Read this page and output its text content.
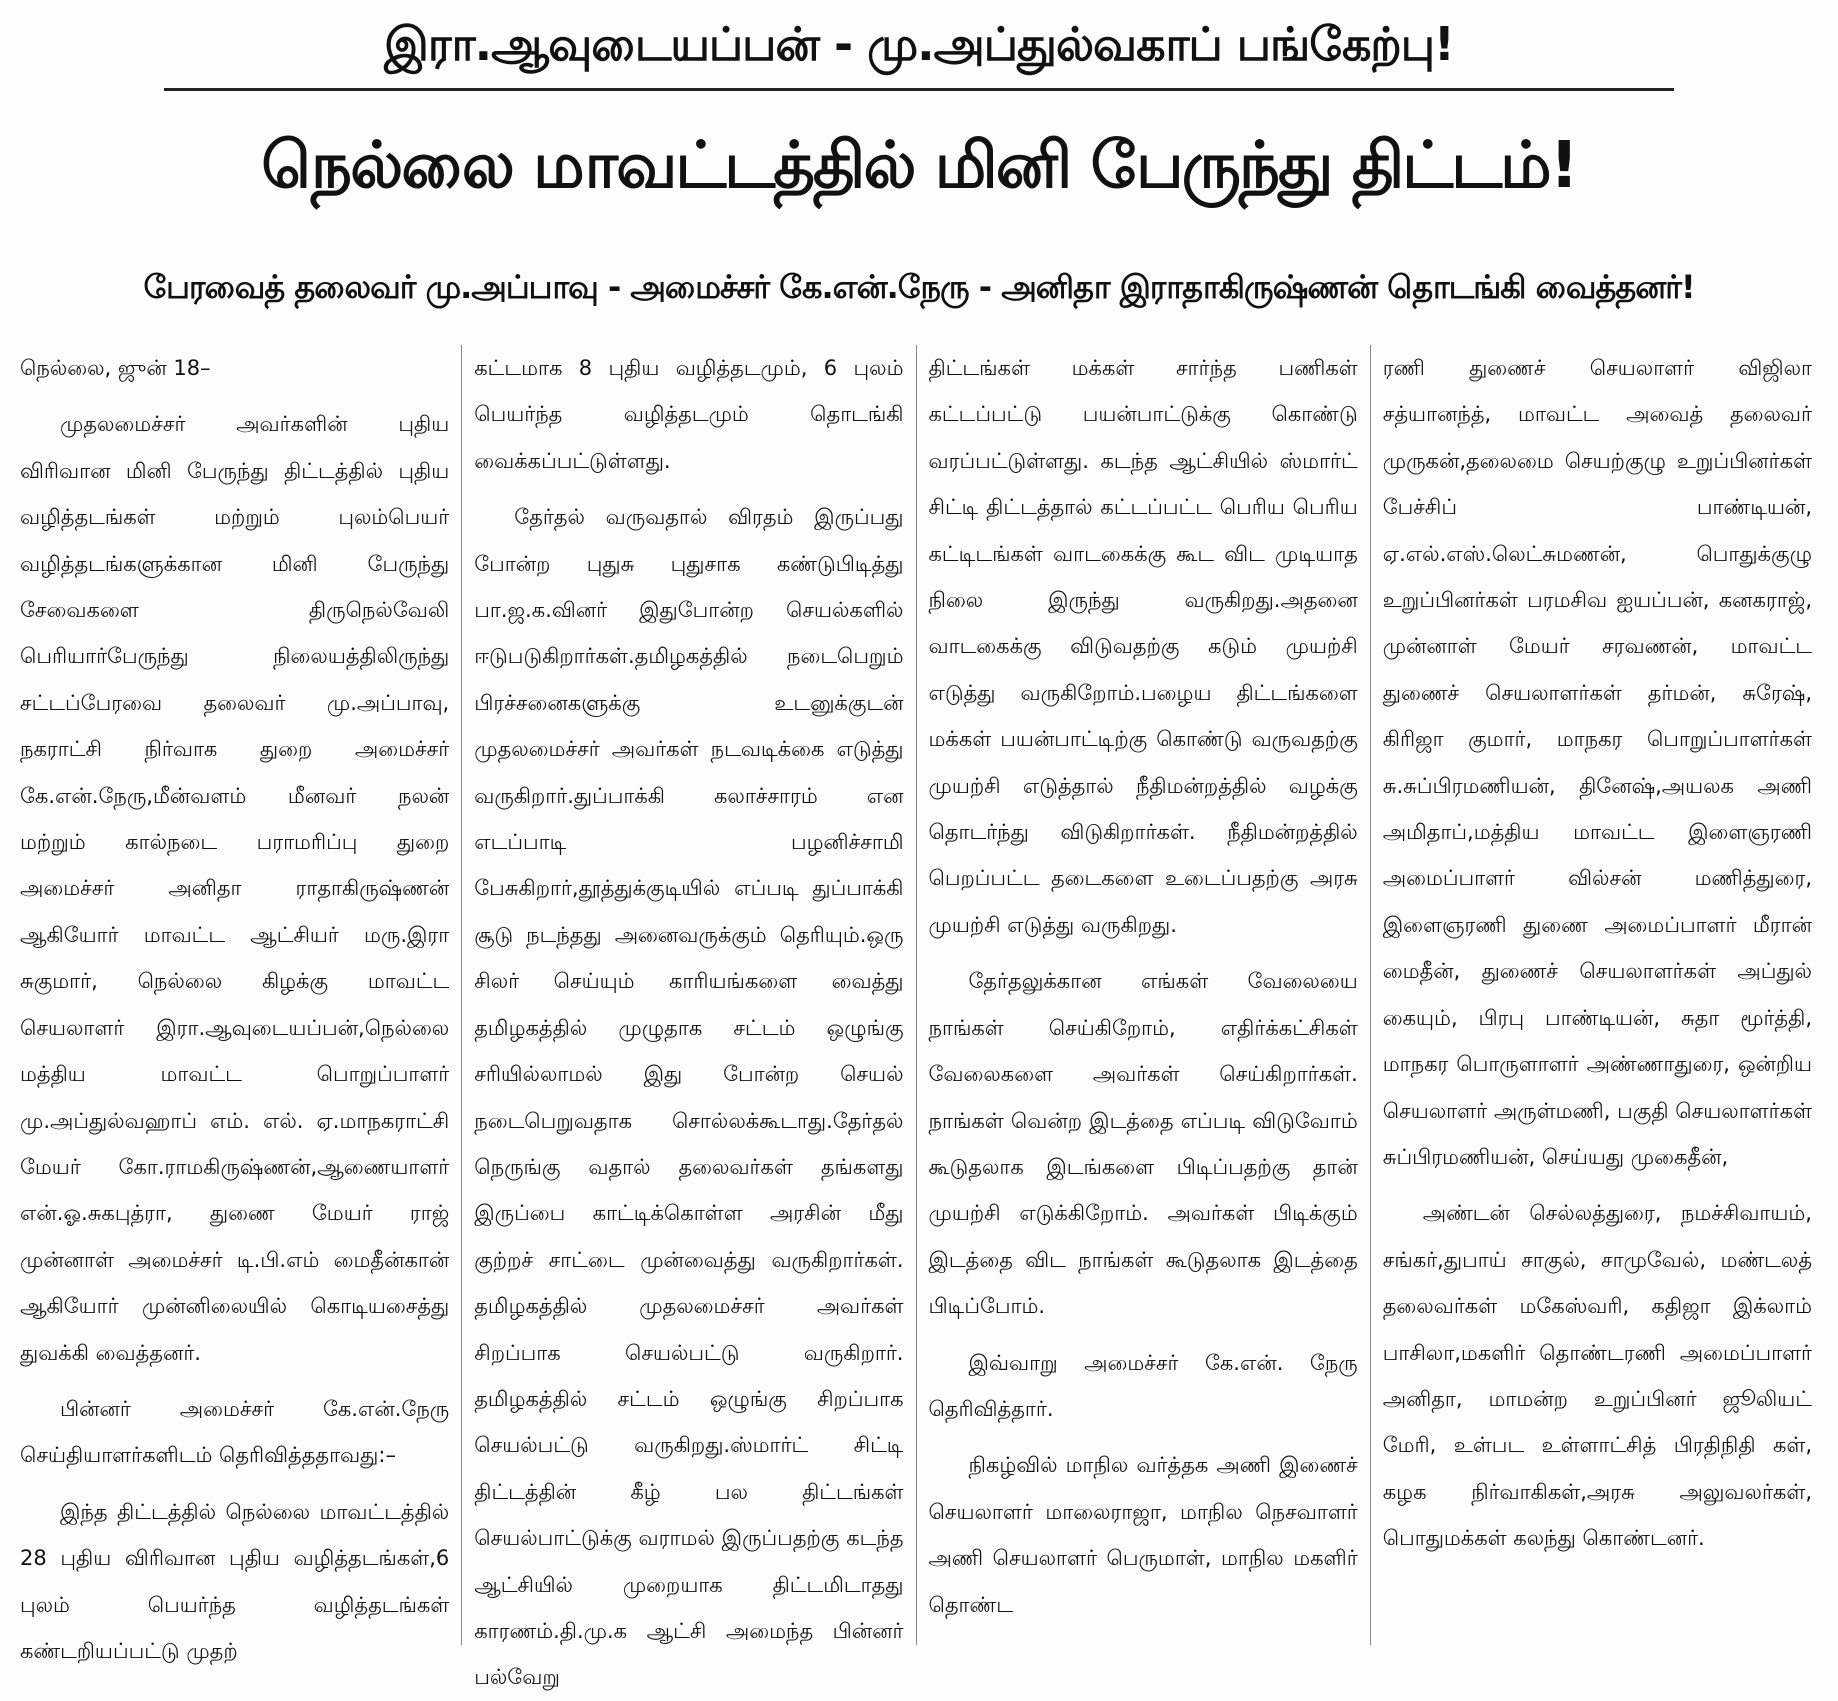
இரா.ஆவுடையப்பன் - மு.அப்துல்வகாப் பங்கேற்பு!
நெல்லை மாவட்டத்தில் மினி பேருந்து திட்டம்!
பேரவைத் தலைவர் மு.அப்பாவு - அமைச்சர் கே.என்.நேரு - அனிதா இராதாகிருஷ்ணன் தொடங்கி வைத்தனர்!

நெல்லை, ஜுன் 18–

முதலமைச்சர் அவர்களின் புதிய விரிவான மினி பேருந்து திட்டத்தில் புதிய வழித்தடங்கள் மற்றும் புலம்பெயர் வழித்தடங்களுக்கான மினி பேருந்து சேவைகளை திருநெல்வேலி பெரியார்பேருந்து நிலையத்திலிருந்து சட்டப்பேரவை தலைவர் மு.அப்பாவு, நகராட்சி நிர்வாக துறை அமைச்சர் கே.என்.நேரு,மீன்வளம் மீனவர் நலன் மற்றும் கால்நடை பராமரிப்பு துறை அமைச்சர் அனிதா ராதாகிருஷ்ணன் ஆகியோர் மாவட்ட ஆட்சியர் மரு.இரா சுகுமார், நெல்லை கிழக்கு மாவட்ட செயலாளர் இரா.ஆவுடையப்பன்,நெல்லை மத்திய மாவட்ட பொறுப்பாளர் மு.அப்துல்வஹாப் எம். எல். ஏ.மாநகராட்சி மேயர் கோ.ராமகிருஷ்ணன்,ஆணையாளர் என்.ஓ.சுகபுத்ரா, துணை மேயர் ராஜ் முன்னாள் அமைச்சர் டி.பி.எம் மைதீன்கான் ஆகியோர் முன்னிலையில் கொடியசைத்து துவக்கி வைத்தனர்.

பின்னர் அமைச்சர் கே.என்.நேரு செய்தியாளர்களிடம் தெரிவித்ததாவது:–

இந்த திட்டத்தில் நெல்லை மாவட்டத்தில் 28 புதிய விரிவான புதிய வழித்தடங்கள்,6 புலம் பெயர்ந்த வழித்தடங்கள் கண்டறியப்பட்டு முதற்

கட்டமாக 8 புதிய வழித்தடமும், 6 புலம் பெயர்ந்த வழித்தடமும் தொடங்கி வைக்கப்பட்டுள்ளது.

தேர்தல் வருவதால் விரதம் இருப்பது போன்ற புதுசு புதுசாக கண்டுபிடித்து பா.ஜ.க.வினர் இதுபோன்ற செயல்களில் ஈடுபடுகிறார்கள்.தமிழகத்தில் நடைபெறும் பிரச்சனைகளுக்கு உடனுக்குடன் முதலமைச்சர் அவர்கள் நடவடிக்கை எடுத்து வருகிறார்.துப்பாக்கி கலாச்சாரம் என எடப்பாடி பழனிச்சாமி பேசுகிறார்,தூத்துக்குடியில் எப்படி துப்பாக்கி சூடு நடந்தது அனைவருக்கும் தெரியும்.ஒரு சிலர் செய்யும் காரியங்களை வைத்து தமிழகத்தில் முழுதாக சட்டம் ஒழுங்கு சரியில்லாமல் இது போன்ற செயல் நடைபெறுவதாக சொல்லக்கூடாது.தேர்தல் நெருங்கு வதால் தலைவர்கள் தங்களது இருப்பை காட்டிக்கொள்ள அரசின் மீது குற்றச் சாட்டை முன்வைத்து வருகிறார்கள். தமிழகத்தில் முதலமைச்சர் அவர்கள் சிறப்பாக செயல்பட்டு வருகிறார். தமிழகத்தில் சட்டம் ஒழுங்கு சிறப்பாக செயல்பட்டு வருகிறது.ஸ்மார்ட் சிட்டி திட்டத்தின் கீழ் பல திட்டங்கள் செயல்பாட்டுக்கு வராமல் இருப்பதற்கு கடந்த ஆட்சியில் முறையாக திட்டமிடாதது காரணம்.தி.மு.க ஆட்சி அமைந்த பின்னர் பல்வேறு

திட்டங்கள் மக்கள் சார்ந்த பணிகள் கட்டப்பட்டு பயன்பாட்டுக்கு கொண்டு வரப்பட்டுள்ளது. கடந்த ஆட்சியில் ஸ்மார்ட் சிட்டி திட்டத்தால் கட்டப்பட்ட பெரிய பெரிய கட்டிடங்கள் வாடகைக்கு கூட விட முடியாத நிலை இருந்து வருகிறது.அதனை வாடகைக்கு விடுவதற்கு கடும் முயற்சி எடுத்து வருகிறோம்.பழைய திட்டங்களை மக்கள் பயன்பாட்டிற்கு கொண்டு வருவதற்கு முயற்சி எடுத்தால் நீதிமன்றத்தில் வழக்கு தொடர்ந்து விடுகிறார்கள். நீதிமன்றத்தில் பெறப்பட்ட தடைகளை உடைப்பதற்கு அரசு முயற்சி எடுத்து வருகிறது.

தேர்தலுக்கான எங்கள் வேலையை நாங்கள் செய்கிறோம், எதிர்க்கட்சிகள் வேலைகளை அவர்கள் செய்கிறார்கள். நாங்கள் வென்ற இடத்தை எப்படி விடுவோம் கூடுதலாக இடங்களை பிடிப்பதற்கு தான் முயற்சி எடுக்கிறோம். அவர்கள் பிடிக்கும் இடத்தை விட நாங்கள் கூடுதலாக இடத்தை பிடிப்போம்.

இவ்வாறு அமைச்சர் கே.என். நேரு தெரிவித்தார்.

நிகழ்வில் மாநில வர்த்தக அணி இணைச் செயலாளர் மாலைராஜா, மாநில நெசவாளர் அணி செயலாளர் பெருமாள், மாநில மகளிர் தொண்ட

ரணி துணைச் செயலாளர் விஜிலா சத்யானந்த், மாவட்ட அவைத் தலைவர் முருகன்,தலைமை செயற்குழு உறுப்பினர்கள் பேச்சிப் பாண்டியன், ஏ.எல்.எஸ்.லெட்சுமணன், பொதுக்குழு உறுப்பினர்கள் பரமசிவ ஐயப்பன், கனகராஜ், முன்னாள் மேயர் சரவணன், மாவட்ட துணைச் செயலாளர்கள் தர்மன், சுரேஷ், கிரிஜா குமார், மாநகர பொறுப்பாளர்கள் சு.சுப்பிரமணியன், தினேஷ்,அயலக அணி அமிதாப்,மத்திய மாவட்ட இளைஞரணி அமைப்பாளர் வில்சன் மணித்துரை, இளைஞரணி துணை அமைப்பாளர் மீரான் மைதீன், துணைச் செயலாளர்கள் அப்துல் கையும், பிரபு பாண்டியன், சுதா மூர்த்தி, மாநகர பொருளாளர் அண்ணாதுரை, ஒன்றிய செயலாளர் அருள்மணி, பகுதி செயலாளர்கள் சுப்பிரமணியன், செய்யது முகைதீன்,

அண்டன் செல்லத்துரை, நமச்சிவாயம், சங்கர்,துபாய் சாகுல், சாமுவேல், மண்டலத் தலைவர்கள் மகேஸ்வரி, கதிஜா இக்லாம் பாசிலா,மகளிர் தொண்டரணி அமைப்பாளர் அனிதா, மாமன்ற உறுப்பினர் ஜூலியட் மேரி, உள்பட உள்ளாட்சித் பிரதிநிதி கள், கழக நிர்வாகிகள்,அரசு அலுவலர்கள், பொதுமக்கள் கலந்து கொண்டனர்.
